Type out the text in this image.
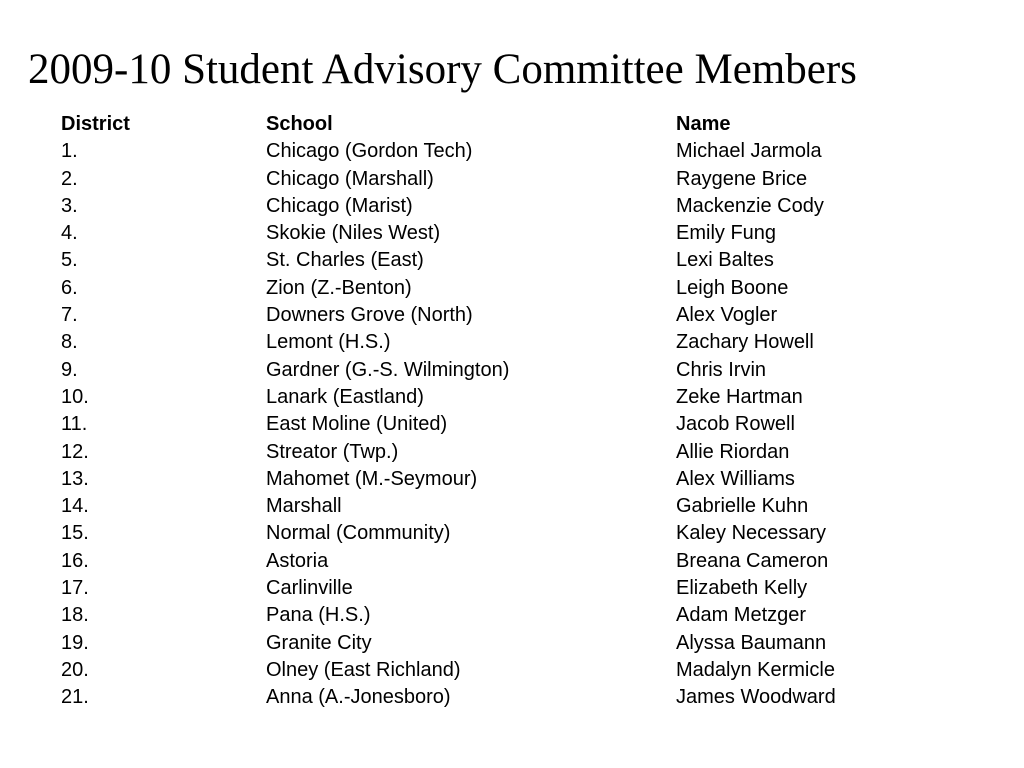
2009-10 Student Advisory Committee Members
District	School	Name
1.	Chicago (Gordon Tech)	Michael Jarmola
2.	Chicago (Marshall)	Raygene Brice
3.	Chicago (Marist)	Mackenzie Cody
4.	Skokie (Niles West)	Emily Fung
5.	St. Charles (East)	Lexi Baltes
6.	Zion (Z.-Benton)	Leigh Boone
7.	Downers Grove (North)	Alex Vogler
8.	Lemont (H.S.)	Zachary Howell
9.	Gardner (G.-S. Wilmington)	Chris Irvin
10.	Lanark (Eastland)	Zeke Hartman
11.	East Moline (United)	Jacob Rowell
12.	Streator (Twp.)	Allie Riordan
13.	Mahomet (M.-Seymour)	Alex Williams
14.	Marshall	Gabrielle Kuhn
15.	Normal (Community)	Kaley Necessary
16.	Astoria	Breana Cameron
17.	Carlinville	Elizabeth Kelly
18.	Pana (H.S.)	Adam Metzger
19.	Granite City	Alyssa Baumann
20.	Olney (East Richland)	Madalyn Kermicle
21.	Anna (A.-Jonesboro)	James Woodward
